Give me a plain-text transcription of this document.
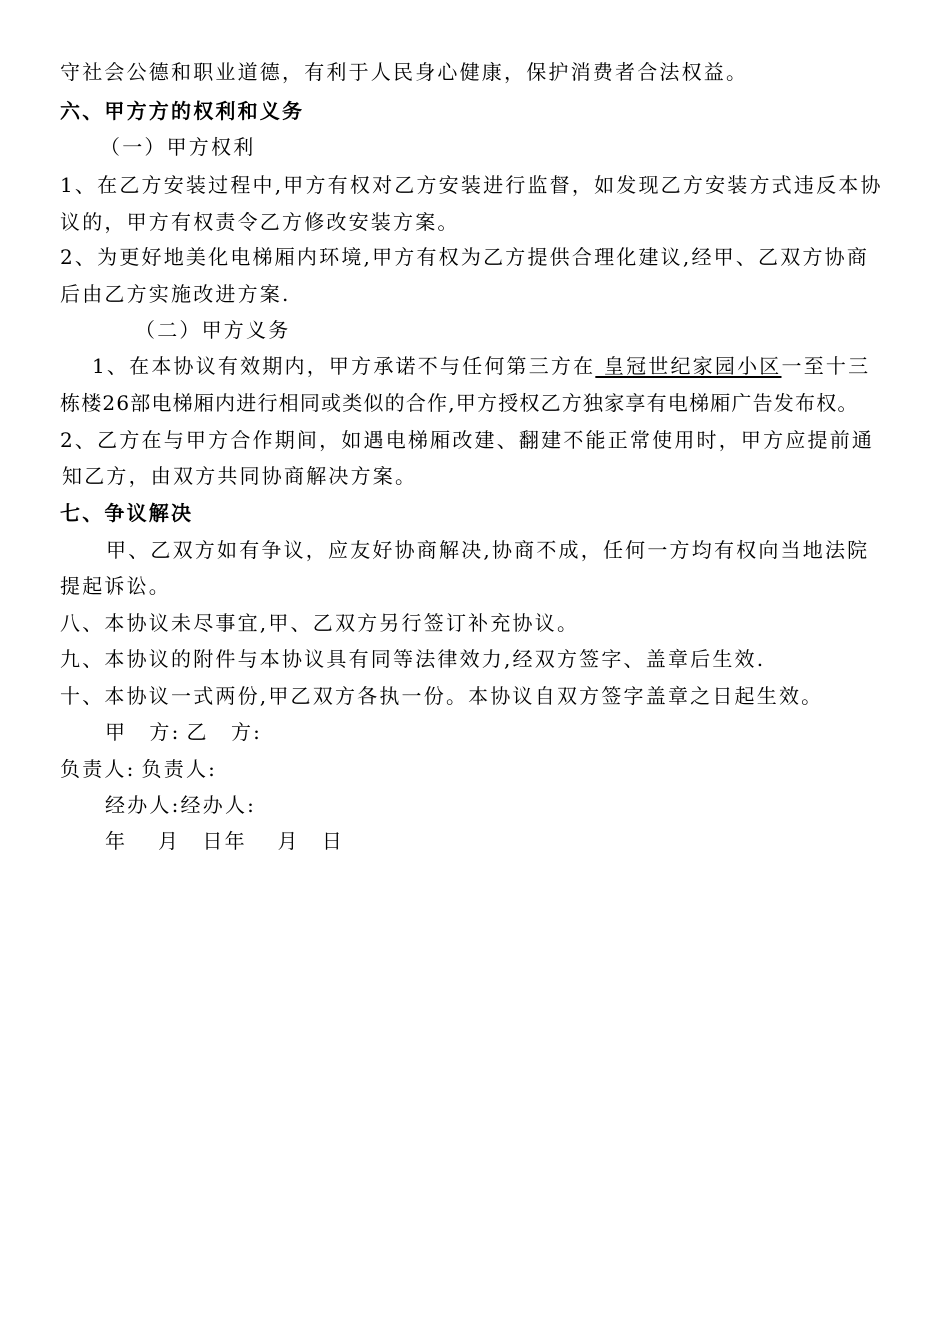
守社会公德和职业道德，有利于人民身心健康，保护消费者合法权益。
六、甲方方的权利和义务
（一）甲方权利
1、在乙方安装过程中,甲方有权对乙方安装进行监督，如发现乙方安装方式违反本协
议的，甲方有权责令乙方修改安装方案。
2、为更好地美化电梯厢内环境,甲方有权为乙方提供合理化建议,经甲、乙双方协商
后由乙方实施改进方案.
（二）甲方义务
1、在本协议有效期内，甲方承诺不与任何第三方在 皇冠世纪家园小区一至十三
栋楼26部电梯厢内进行相同或类似的合作,甲方授权乙方独家享有电梯厢广告发布权。
2、乙方在与甲方合作期间，如遇电梯厢改建、翻建不能正常使用时，甲方应提前通
知乙方，由双方共同协商解决方案。
七、争议解决
甲、乙双方如有争议，应友好协商解决,协商不成，任何一方均有权向当地法院
提起诉讼。
八、本协议未尽事宜,甲、乙双方另行签订补充协议。
九、本协议的附件与本协议具有同等法律效力,经双方签字、盖章后生效.
十、本协议一式两份,甲乙双方各执一份。本协议自双方签字盖章之日起生效。
甲　方: 乙　方:
负责人: 负责人:
经办人:经办人:
年　 月　日年　 月　日
